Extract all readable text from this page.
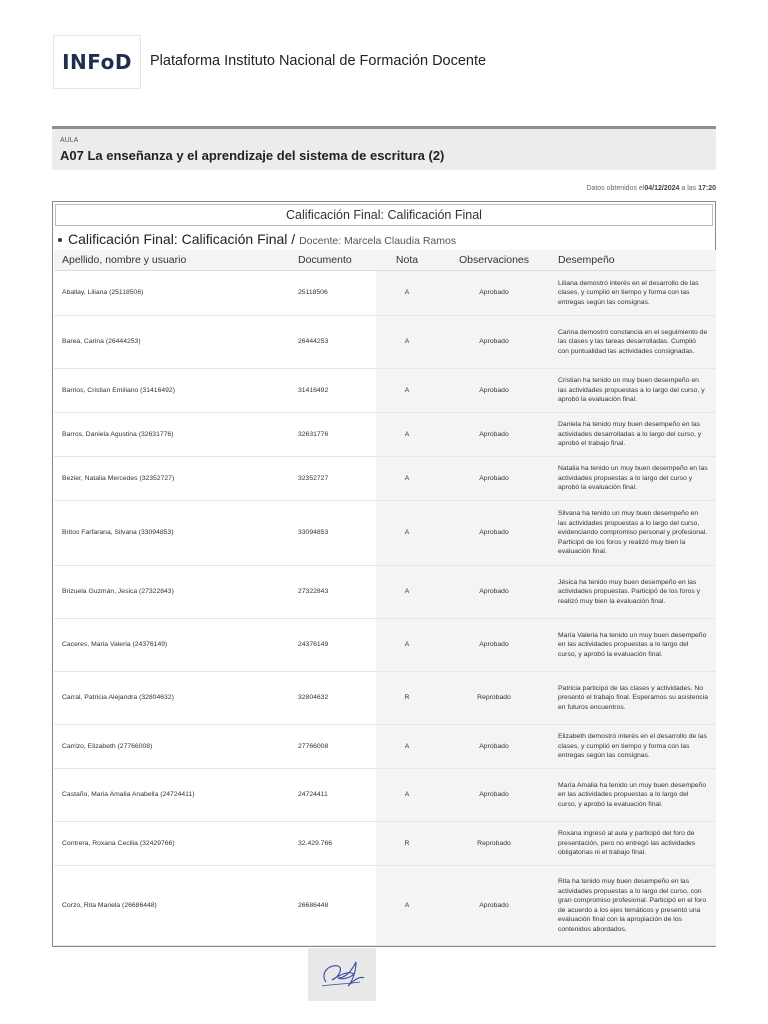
INFoD Plataforma Instituto Nacional de Formación Docente
AULA
A07 La enseñanza y el aprendizaje del sistema de escritura (2)
Datos obtenidos el04/12/2024 a las 17:20
Calificación Final: Calificación Final
Calificación Final: Calificación Final / Docente: Marcela Claudia Ramos
Apellido, nombre y usuario	Documento	Nota	Observaciones	Desempeño
Aballay, Liliana (25118506)	25118506	A	Aprobado	Liliana demostró interés en el desarrollo de las clases, y cumplió en tiempo y forma con las entregas según las consignas.
Barea, Carina (26444253)	26444253	A	Aprobado	Carina demostró constancia en el seguimiento de las clases y las tareas desarrolladas. Cumplió con puntualidad las actividades consignadas.
Barrios, Cristian Emiliano (31416492)	31416492	A	Aprobado	Cristian ha tenido un muy buen desempeño en las actividades propuestas a lo largo del curso, y aprobó la evaluación final.
Barros, Daniela Agustina (32631776)	32631776	A	Aprobado	Daniela ha tenido muy buen desempeño en las actividades desarrolladas a lo largo del curso, y aprobó el trabajo final.
Bezier, Natalia Mercedes (32352727)	32352727	A	Aprobado	Natalia ha tenido un muy buen desempeño en las actividades propuestas a lo largo del curso y aprobó la evaluación final.
Britos Farfarana, Silvana (33094853)	33094853	A	Aprobado	Silvana ha tenido un muy buen desempeño en las actividades propuestas a lo largo del curso, evidenciando compromiso personal y profesional. Participó de los foros y realizó muy bien la evaluación final.
Brizuela Guzmán, Jesica (27322843)	27322843	A	Aprobado	Jésica ha tenido muy buen desempeño en las actividades propuestas. Participó de los foros y realizó muy bien la evaluación final.
Caceres, Maria Valeria (24376149)	24376149	A	Aprobado	María Valeria ha tenido un muy buen desempeño en las actividades propuestas a lo largo del curso, y aprobó la evaluación final.
Carral, Patricia Alejandra (32804632)	32804632	R	Reprobado	Patricia participó de las clases y actividades. No presentó el trabajo final. Esperamos su asistencia en futuros encuentros.
Carrizo, Elizabeth (27766008)	27766008	A	Aprobado	Elizabeth demostró interés en el desarrollo de las clases, y cumplió en tiempo y forma con las entregas según las consignas.
Castaño, Maria Amalia Anabella (24724411)	24724411	A	Aprobado	María Amalia ha tenido un muy buen desempeño en las actividades propuestas a lo largo del curso, y aprobó la evaluación final.
Contrera, Roxana Cecilia (32429766)	32.429.766	R	Reprobado	Roxana ingresó al aula y participó del foro de presentación, pero no entregó las actividades obligatorias ni el trabajo final.
Corzo, Rita Mariela (26686448)	26686448	A	Aprobado	Rita ha tenido muy buen desempeño en las actividades propuestas a lo largo del curso, con gran compromiso profesional. Participó en el foro de acuerdo a los ejes temáticos y presentó una evaluación final con la apropiación de los contenidos abordados.
